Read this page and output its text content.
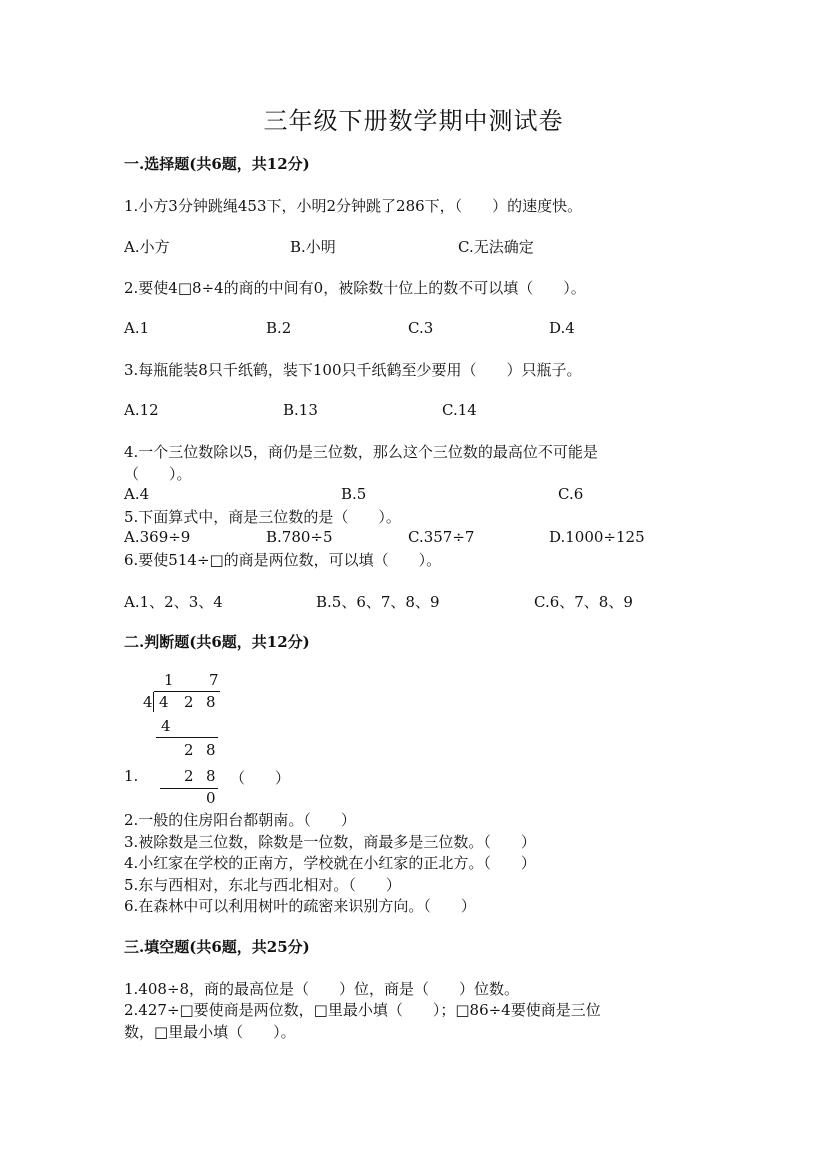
三年级下册数学期中测试卷
一.选择题(共6题，共12分)
1.小方3分钟跳绳453下，小明2分钟跳了286下，（　　）的速度快。
A.小方	B.小明	C.无法确定
2.要使4□8÷4的商的中间有0，被除数十位上的数不可以填（　　）。
A.1	B.2	C.3	D.4
3.每瓶能装8只千纸鹤，装下100只千纸鹤至少要用（　　）只瓶子。
A.12	B.13	C.14
4.一个三位数除以5，商仍是三位数，那么这个三位数的最高位不可能是
（　　）。
A.4	B.5	C.6
5.下面算式中，商是三位数的是（　　）。
A.369÷9	B.780÷5	C.357÷7	D.1000÷125
6.要使514÷□的商是两位数，可以填（　　）。
A.1、2、3、4	B.5、6、7、8、9	C.6、7、8、9
二.判断题(共6题，共12分)
1 7
4 4 2 8
4
2 8
2 8
0
1.	（　　）
2.一般的住房阳台都朝南。（　　）
3.被除数是三位数，除数是一位数，商最多是三位数。（　　）
4.小红家在学校的正南方，学校就在小红家的正北方。（　　）
5.东与西相对，东北与西北相对。（　　）
6.在森林中可以利用树叶的疏密来识别方向。（　　）
三.填空题(共6题，共25分)
1.408÷8，商的最高位是（　　）位，商是（　　）位数。
2.427÷□要使商是两位数，□里最小填（　　）；□86÷4要使商是三位
数，□里最小填（　　）。
